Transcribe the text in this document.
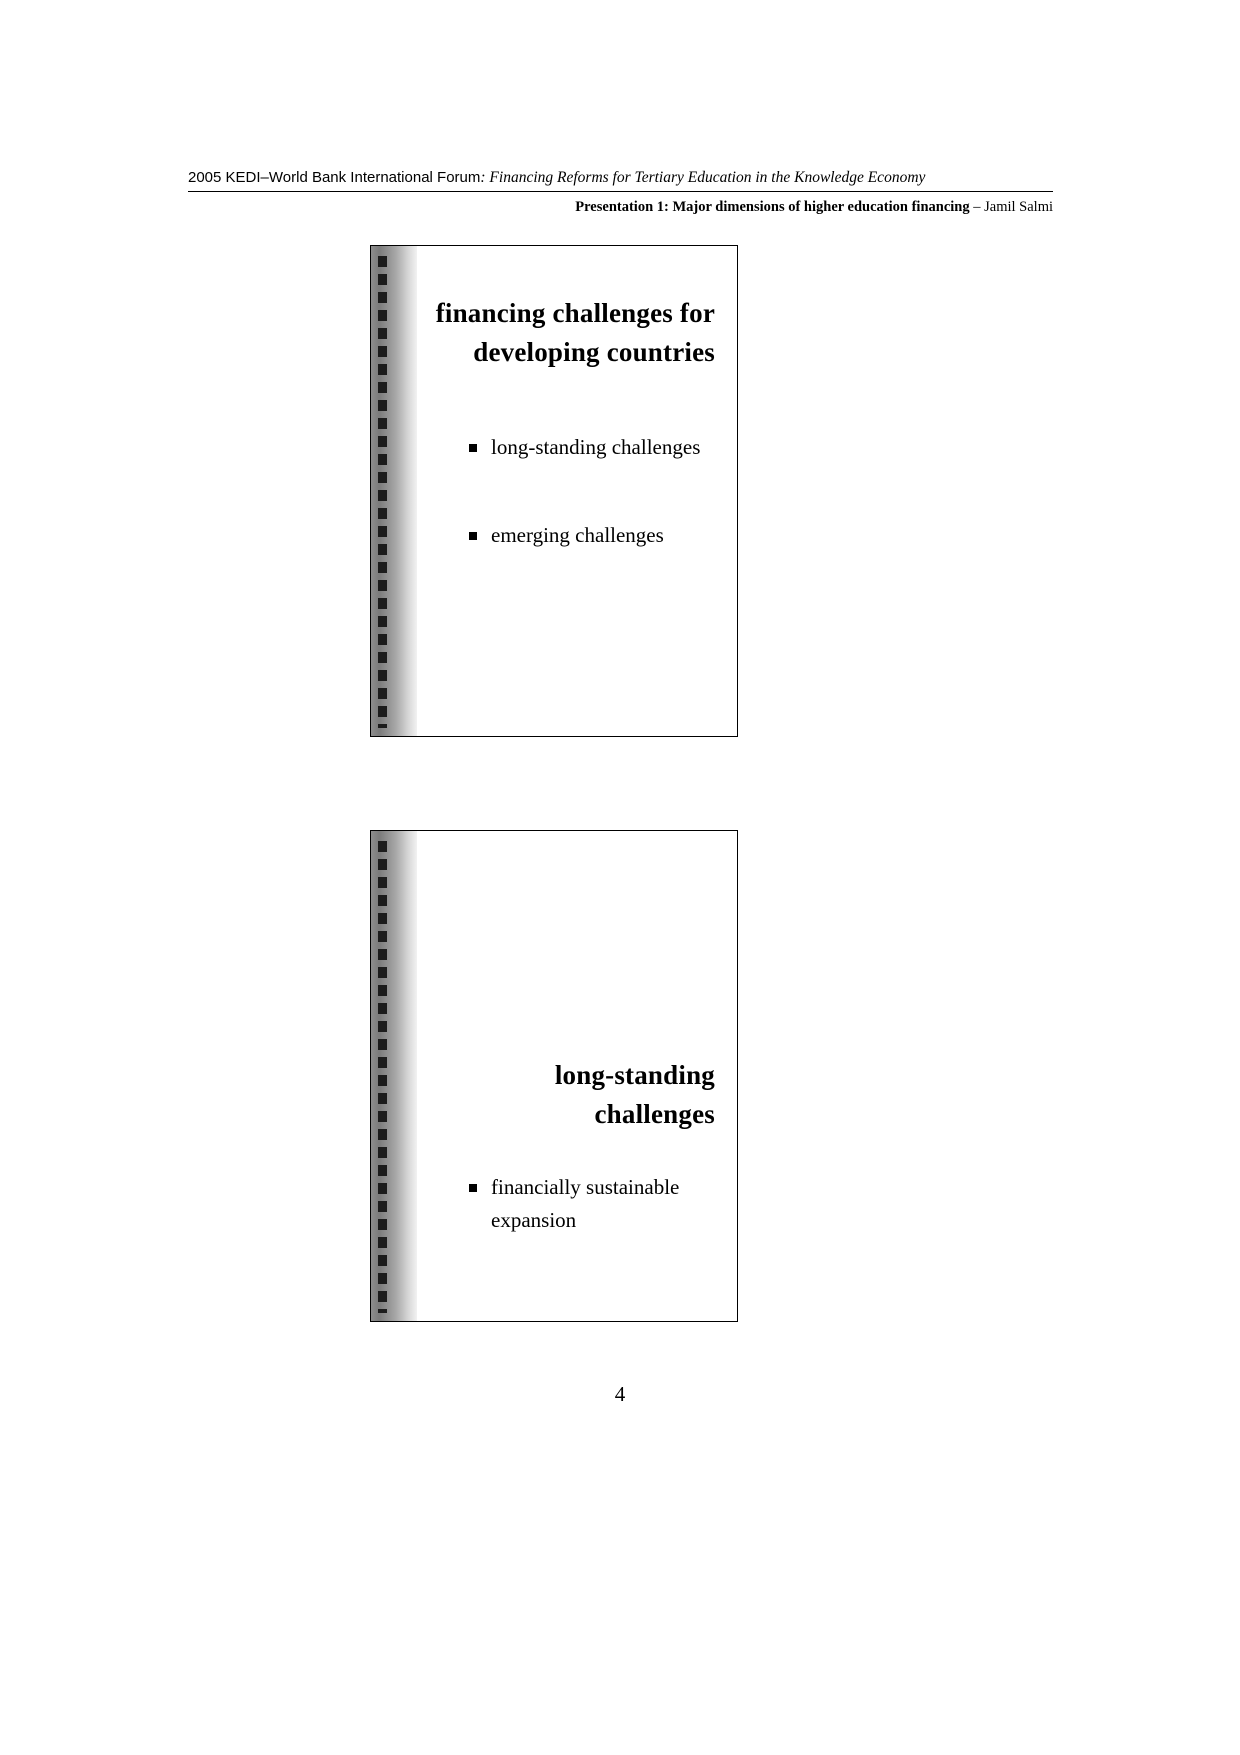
2005 KEDI–World Bank International Forum: Financing Reforms for Tertiary Education in the Knowledge Economy
Presentation 1: Major dimensions of higher education financing – Jamil Salmi
financing challenges for developing countries
long-standing challenges
emerging challenges
long-standing challenges
financially sustainable expansion
4
